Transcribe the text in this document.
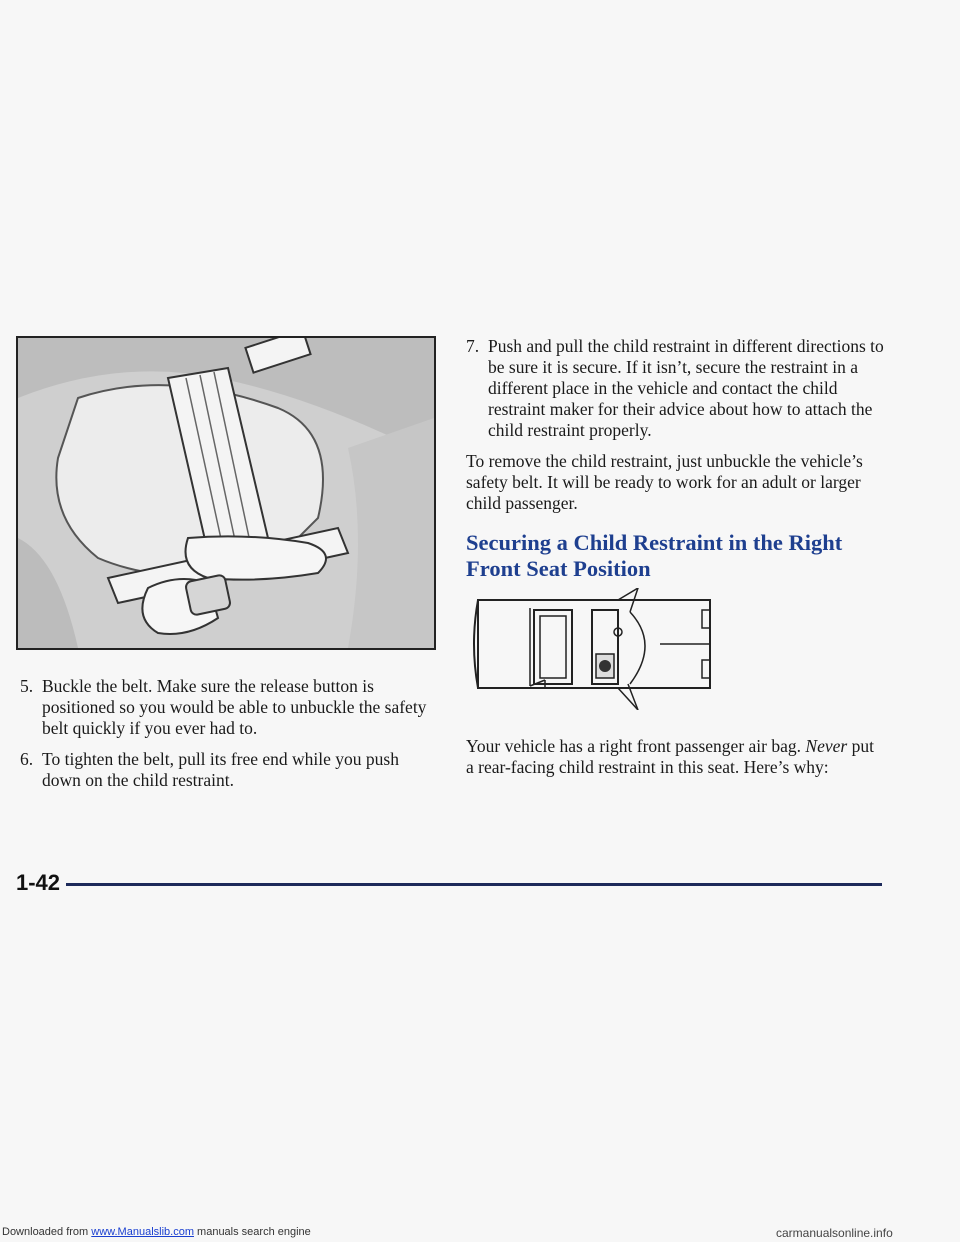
5. Buckle the belt. Make sure the release button is positioned so you would be able to unbuckle the safety belt quickly if you ever had to.
6. To tighten the belt, pull its free end while you push down on the child restraint.
7. Push and pull the child restraint in different directions to be sure it is secure. If it isn’t, secure the restraint in a different place in the vehicle and contact the child restraint maker for their advice about how to attach the child restraint properly.

To remove the child restraint, just unbuckle the vehicle’s safety belt. It will be ready to work for an adult or larger child passenger.

Securing a Child Restraint in the Right Front Seat Position

Your vehicle has a right front passenger air bag. Never put a rear-facing child restraint in this seat. Here’s why:

1-42
Downloaded from www.Manualslib.com manuals search engine	carmanualsonline.info
